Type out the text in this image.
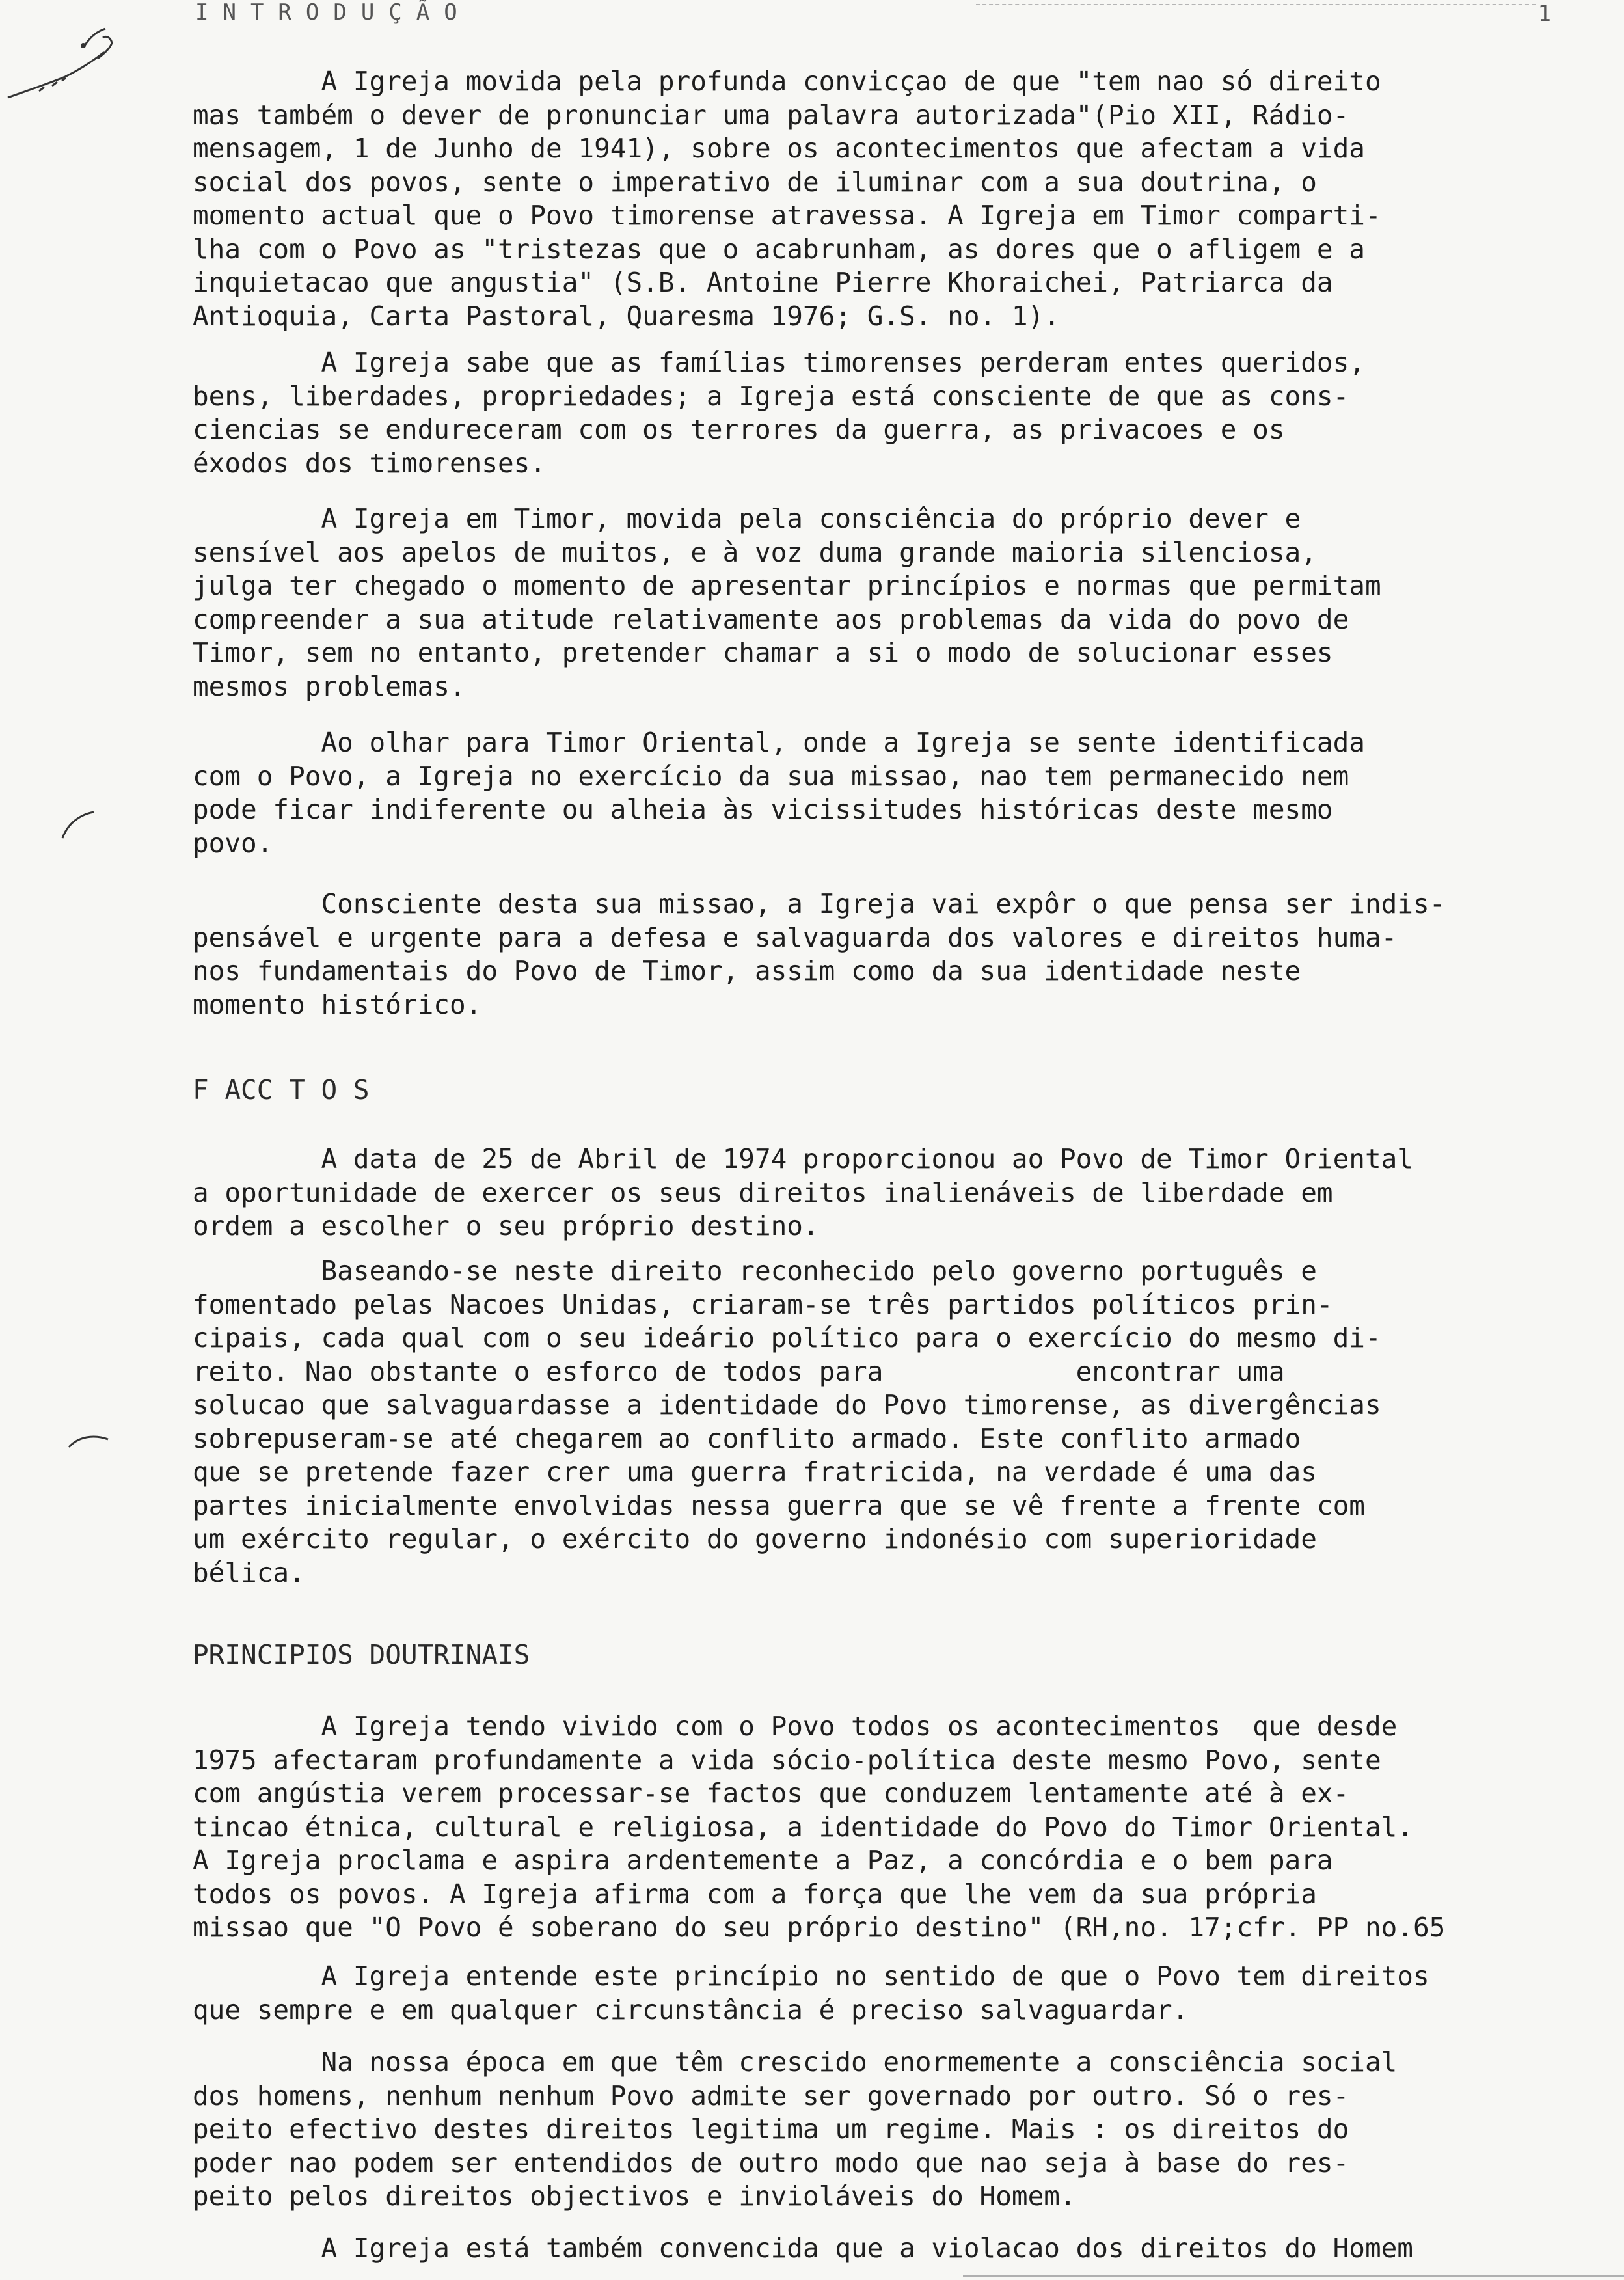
INTRODUÇÃO	1

A Igreja movida pela profunda convicçao de que "tem nao só direito
mas também o dever de pronunciar uma palavra autorizada"(Pio XII, Rádio-
mensagem, 1 de Junho de 1941), sobre os acontecimentos que afectam a vida
social dos povos, sente o imperativo de iluminar com a sua doutrina, o
momento actual que o Povo timorense atravessa. A Igreja em Timor comparti-
lha com o Povo as "tristezas que o acabrunham, as dores que o afligem e a
inquietacao que angustia" (S.B. Antoine Pierre Khoraichei, Patriarca da
Antioquia, Carta Pastoral, Quaresma 1976; G.S. no. 1).

A Igreja sabe que as famílias timorenses perderam entes queridos,
bens, liberdades, propriedades; a Igreja está consciente de que as cons-
ciencias se endureceram com os terrores da guerra, as privacoes e os
éxodos dos timorenses.

A Igreja em Timor, movida pela consciência do próprio dever e
sensível aos apelos de muitos, e à voz duma grande maioria silenciosa,
julga ter chegado o momento de apresentar princípios e normas que permitam
compreender a sua atitude relativamente aos problemas da vida do povo de
Timor, sem no entanto, pretender chamar a si o modo de solucionar esses
mesmos problemas.

Ao olhar para Timor Oriental, onde a Igreja se sente identificada
com o Povo, a Igreja no exercício da sua missao, nao tem permanecido nem
pode ficar indiferente ou alheia às vicissitudes históricas deste mesmo
povo.

Consciente desta sua missao, a Igreja vai expôr o que pensa ser indis-
pensável e urgente para a defesa e salvaguarda dos valores e direitos huma-
nos fundamentais do Povo de Timor, assim como da sua identidade neste
momento histórico.

F ACC T O S

A data de 25 de Abril de 1974 proporcionou ao Povo de Timor Oriental
a oportunidade de exercer os seus direitos inalienáveis de liberdade em
ordem a escolher o seu próprio destino.

Baseando-se neste direito reconhecido pelo governo português e
fomentado pelas Nacoes Unidas, criaram-se três partidos políticos prin-
cipais, cada qual com o seu ideário político para o exercício do mesmo di-
reito. Nao obstante o esforco de todos para            encontrar uma
solucao que salvaguardasse a identidade do Povo timorense, as divergências
sobrepuseram-se até chegarem ao conflito armado. Este conflito armado
que se pretende fazer crer uma guerra fratricida, na verdade é uma das
partes inicialmente envolvidas nessa guerra que se vê frente a frente com
um exército regular, o exército do governo indonésio com superioridade
bélica.

PRINCIPIOS DOUTRINAIS

A Igreja tendo vivido com o Povo todos os acontecimentos  que desde
1975 afectaram profundamente a vida sócio-política deste mesmo Povo, sente
com angústia verem processar-se factos que conduzem lentamente até à ex-
tincao étnica, cultural e religiosa, a identidade do Povo do Timor Oriental.
A Igreja proclama e aspira ardentemente a Paz, a concórdia e o bem para
todos os povos. A Igreja afirma com a força que lhe vem da sua própria
missao que "O Povo é soberano do seu próprio destino" (RH,no. 17;cfr. PP no.65

A Igreja entende este princípio no sentido de que o Povo tem direitos
que sempre e em qualquer circunstância é preciso salvaguardar.

Na nossa época em que têm crescido enormemente a consciência social
dos homens, nenhum nenhum Povo admite ser governado por outro. Só o res-
peito efectivo destes direitos legitima um regime. Mais : os direitos do
poder nao podem ser entendidos de outro modo que nao seja à base do res-
peito pelos direitos objectivos e invioláveis do Homem.

A Igreja está também convencida que a violacao dos direitos do Homem
